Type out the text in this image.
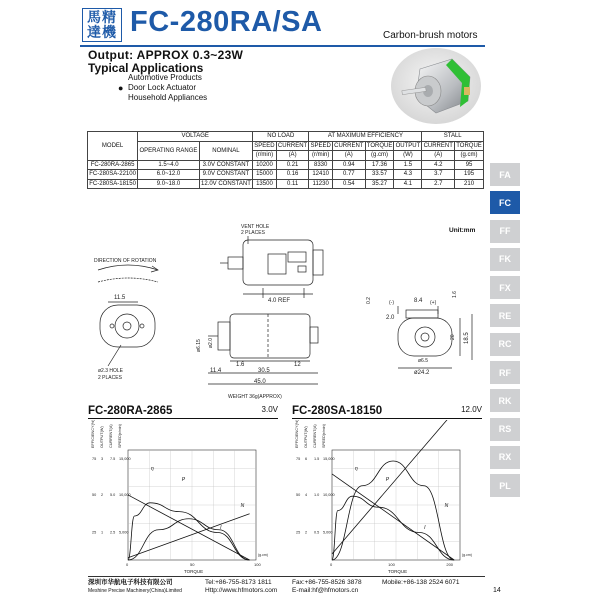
馬精達機 FC-280RA/SA	Carbon-brush motors
Output: APPROX 0.3~23W
Typical Applications
Automotive Products
● Door Lock Actuator
Household Appliances
MODEL	VOLTAGE		NO LOAD		AT MAXIMUM EFFICIENCY				STALL	
	OPERATING RANGE	NOMINAL	SPEED	CURRENT	SPEED	CURRENT	TORQUE	OUTPUT	CURRENT	TORQUE
			(r/min)	(A)	(r/min)	(A)	(g.cm)	(W)	(A)	(g.cm)
FC-280RA-2865	1.5~4.0	3.0V CONSTANT	10200	0.21	8330	0.94	17.36	1.5	4.2	95
FC-280SA-22100	6.0~12.0	9.0V CONSTANT	15000	0.16	12410	0.77	33.57	4.3	3.7	195
FC-280SA-18150	9.0~18.0	12.0V CONSTANT	13500	0.11	11230	0.54	35.27	4.1	2.7	210
FA
FC
FF
FK
FX
RE
RC
RF
RK
RS
RX
PL
Unit:mm
VENT HOLE
2 PLACES
4.0 REF
DIRECTION OF ROTATION
11.5
ø2.3 HOLE
2 PLACES
ø6.15 ø2.0
1.6	12
11.4	30.5
45.0
WEIGHT 36g(APPROX)
0.2	(-)	8.4 (+)
1.6
2.0
20 18.5
ø6.5
ø24.2
FC-280RA-2865	3.0V FC-280SA-18150	12.0V
EFFICIENCY(%) OUTPUT(W) CURRENT(A) SPEED(r/min)
75
50
25
3
2
1
7.5
5.0
2.5
15,000
10,000
5,000
0	50	100
TORQUE
(g.cm)
P
η
N
I
EFFICIENCY(%) OUTPUT(W) CURRENT(A) SPEED(r/min)
75
50
25
6
4
2
1.5
1.0
0.5
15,000
10,000
5,000
0	100	200
TORQUE
(g.cm)
P
η
N
I
深圳市华航电子科技有限公司
Meshine Precise Machinery(China)Limited
Tel:+86-755-8173 1811
Http://www.hfmotors.com
Fax:+86-755-8526 3878
E-mail:hf@hfmotors.cn
Mobile:+86-138 2524 6071
14
